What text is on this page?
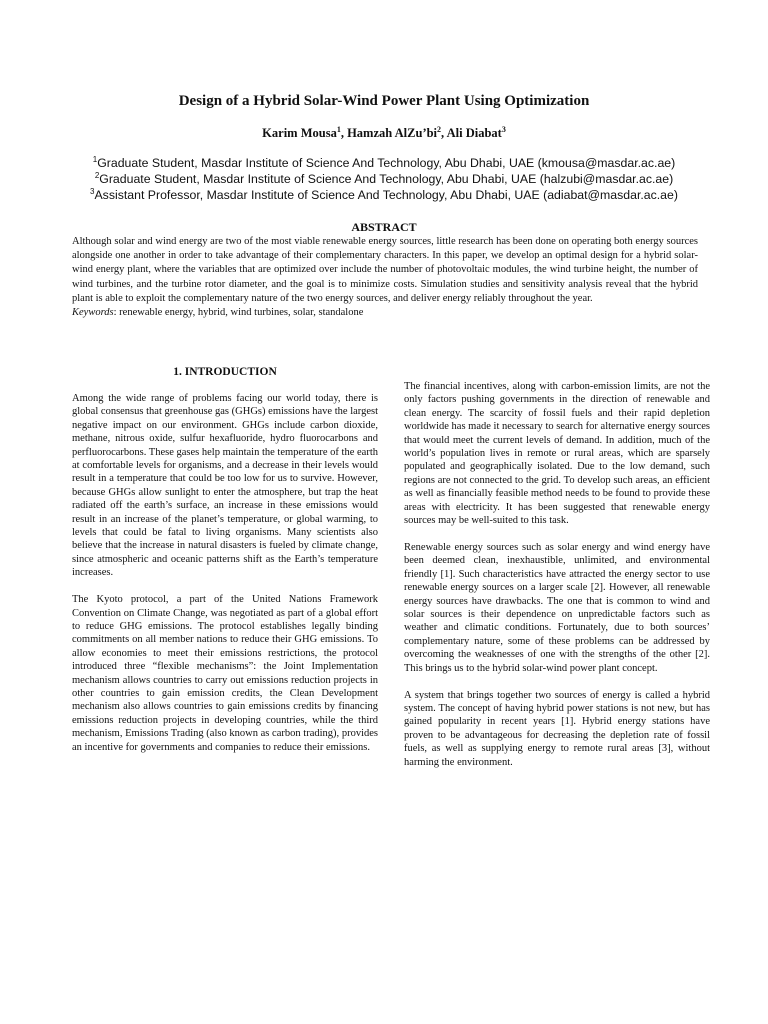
Design of a Hybrid Solar-Wind Power Plant Using Optimization
Karim Mousa$^1$, Hamzah $AlZu’bi^2$, Ali Diabat$^3$
$^1$Graduate Student, Masdar Institute of Science And Technology, Abu Dhabi, UAE (kmousa@masdar.ac.ae)
$^2$Graduate Student, Masdar Institute of Science And Technology, Abu Dhabi, UAE (halzubi@masdar.ac.ae)
$^3$Assistant Professor, Masdar Institute of Science And Technology, Abu Dhabi, UAE (adiabat@masdar.ac.ae)
ABSTRACT

Although solar and wind energy are two of the most viable renewable energy sources, little research has been done on operating both energy sources alongside one another in order to take advantage of their complementary characters. In this paper, we develop an optimal design for a hybrid solar-wind energy plant, where the variables that are optimized over include the number of photovoltaic modules, the wind turbine height, the number of wind turbines, and the turbine rotor diameter, and the goal is to minimize costs. Simulation studies and sensitivity analysis reveal that the hybrid plant is able to exploit the complementary nature of the two energy sources, and deliver energy reliably throughout the year.

Keywords: renewable energy, hybrid, wind turbines, solar, standalone

1. INTRODUCTION

Among the wide range of problems facing our world today, there is global consensus that greenhouse gas (GHGs) emissions have the largest negative impact on our environment. GHGs include carbon dioxide, methane, nitrous oxide, sulfur hexafluoride, hydro fluorocarbons and perfluorocarbons. These gases help maintain the temperature of the earth at comfortable levels for organisms, and a decrease in their levels would result in a temperature that could be too low for us to survive. However, because GHGs allow sunlight to enter the atmosphere, but trap the heat radiated off the earth’s surface, an increase in these emissions would result in an increase of the planet’s temperature, or global warming, to levels that could be fatal to living organisms. Many scientists also believe that the increase in natural disasters is fueled by climate change, since atmospheric and oceanic patterns shift as the Earth’s temperature increases.

The Kyoto protocol, a part of the United Nations Framework Convention on Climate Change, was negotiated as part of a global effort to reduce GHG emissions. The protocol establishes legally binding commitments on all member nations to reduce their GHG emissions. To allow economies to meet their emissions restrictions, the protocol introduced three “flexible mechanisms”: the Joint Implementation mechanism allows countries to carry out emissions reduction projects in other countries to gain emission credits, the Clean Development mechanism also allows countries to gain emissions credits by financing emissions reduction projects in developing countries, while the third mechanism, Emissions Trading (also known as carbon trading), provides an incentive for governments and companies to reduce their emissions.

The financial incentives, along with carbon-emission limits, are not the only factors pushing governments in the direction of renewable and clean energy. The scarcity of fossil fuels and their rapid depletion worldwide has made it necessary to search for alternative energy sources that would meet the current levels of demand. In addition, much of the world’s population lives in remote or rural areas, which are sparsely populated and geographically isolated. Due to the low demand, such regions are not connected to the grid. To develop such areas, an efficient as well as financially feasible method needs to be found to provide these areas with electricity. It has been suggested that renewable energy sources may be well-suited to this task.

Renewable energy sources such as solar energy and wind energy have been deemed clean, inexhaustible, unlimited, and environmental friendly [1]. Such characteristics have attracted the energy sector to use renewable energy sources on a larger scale [2]. However, all renewable energy sources have drawbacks. The one that is common to wind and solar sources is their dependence on unpredictable factors such as weather and climatic conditions. Fortunately, due to both sources’ complementary nature, some of these problems can be addressed by overcoming the weaknesses of one with the strengths of the other [2]. This brings us to the hybrid solar-wind power plant concept.

A system that brings together two sources of energy is called a hybrid system. The concept of having hybrid power stations is not new, but has gained popularity in recent years [1]. Hybrid energy stations have proven to be advantageous for decreasing the depletion rate of fossil fuels, as well as supplying energy to remote rural areas [3], without harming the environment.
